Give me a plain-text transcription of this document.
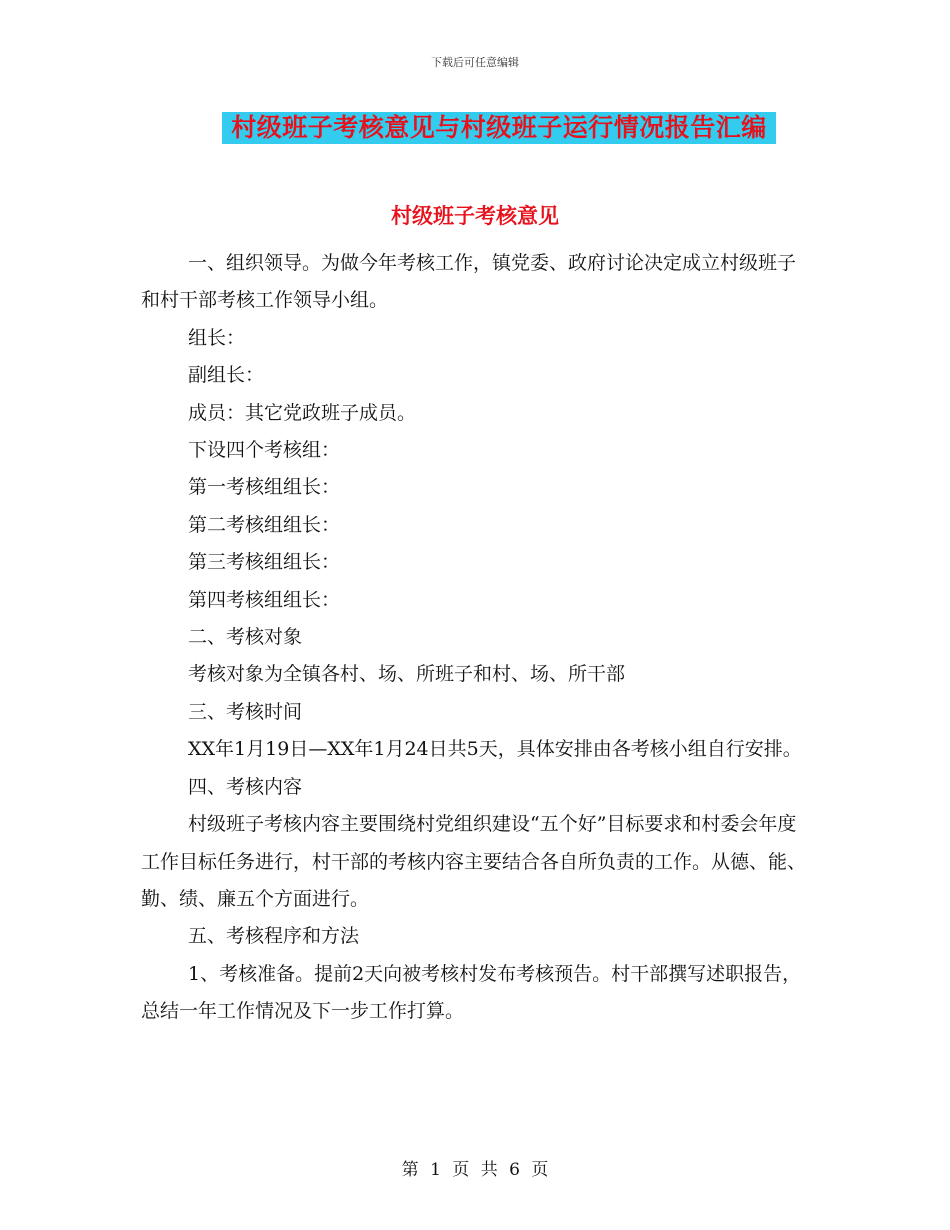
下载后可任意编辑
村级班子考核意见与村级班子运行情况报告汇编
村级班子考核意见

一、组织领导。为做今年考核工作，镇党委、政府讨论决定成立村级班子和村干部考核工作领导小组。

组长：

副组长：

成员：其它党政班子成员。

下设四个考核组：

第一考核组组长：

第二考核组组长：

第三考核组组长：

第四考核组组长：

二、考核对象

考核对象为全镇各村、场、所班子和村、场、所干部

三、考核时间

XX年1月19日—XX年1月24日共5天，具体安排由各考核小组自行安排。

四、考核内容

村级班子考核内容主要围绕村党组织建设“五个好”目标要求和村委会年度工作目标任务进行，村干部的考核内容主要结合各自所负责的工作。从德、能、勤、绩、廉五个方面进行。

五、考核程序和方法

1、考核准备。提前2天向被考核村发布考核预告。村干部撰写述职报告，总结一年工作情况及下一步工作打算。

第 1 页 共 6 页
